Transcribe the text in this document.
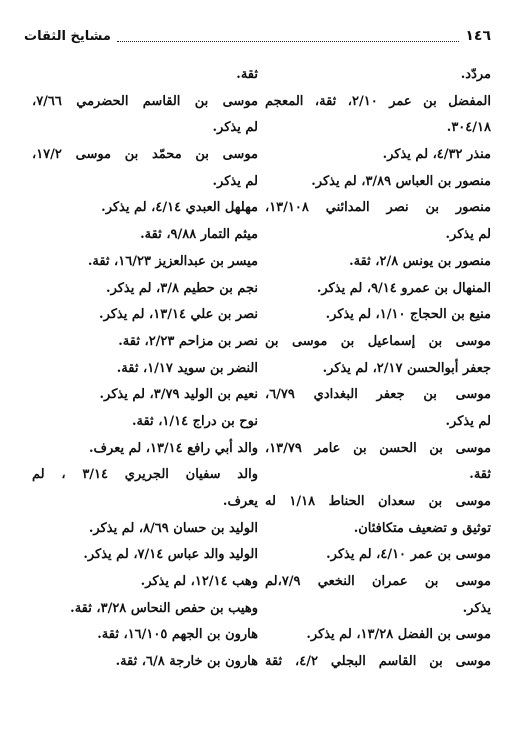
١٤٦
مشايخ الثقات
مردّد.
المفضل بن عمر ٢/١٠، ثقة، المعجم
٣٠٤/١٨.
منذر ٤/٣٢، لم يذكر.
منصور بن العباس ٣/٨٩، لم يذكر.
منصور بن نصر المدائني ١٣/١٠٨،
لم يذكر.
منصور بن يونس ٢/٨، ثقة.
المنهال بن عمرو ٩/١٤، لم يذكر.
منيع بن الحجاج ١/١٠، لم يذكر.
موسى بن إسماعيل بن موسى بن
جعفر أبوالحسن ٢/١٧، لم يذكر.
موسى بن جعفر البغدادي ٦/٧٩،
لم يذكر.
موسى بن الحسن بن عامر ١٣/٧٩،
ثقة.
موسى بن سعدان الحناط ١/١٨ له
توثيق و تضعيف متكافئان.
موسى بن عمر ٤/١٠، لم يذكر.
موسى بن عمران النخعي ٧/٩،لم
يذكر.
موسى بن الفضل ١٣/٢٨، لم يذكر.
موسى بن القاسم البجلي ٤/٢، ثقة
ثقة.
موسى بن القاسم الحضرمي ٧/٦٦،
لم يذكر.
موسى بن محمّد بن موسى ١٧/٢،
لم يذكر.
مهلهل العبدي ٤/١٤، لم يذكر.
ميثم التمار ٩/٨٨، ثقة.
ميسر بن عبدالعزيز ١٦/٢٣، ثقة.
نجم بن حطيم ٣/٨، لم يذكر.
نصر بن علي ١٣/١٤، لم يذكر.
نصر بن مزاحم ٢/٢٣، ثقة.
النضر بن سويد ١/١٧، ثقة.
نعيم بن الوليد ٣/٧٩، لم يذكر.
نوح بن دراج ١/١٤، ثقة.
والد أبي رافع ١٣/١٤، لم يعرف.
والد سفيان الجريري ٣/١٤ ، لم
يعرف.
الوليد بن حسان ٨/٦٩، لم يذكر.
الوليد والد عباس ٧/١٤، لم يذكر.
وهب ١٢/١٤، لم يذكر.
وهيب بن حفص النحاس ٣/٢٨، ثقة.
هارون بن الجهم ١٦/١٠٥، ثقة.
هارون بن خارجة ٦/٨، ثقة.
